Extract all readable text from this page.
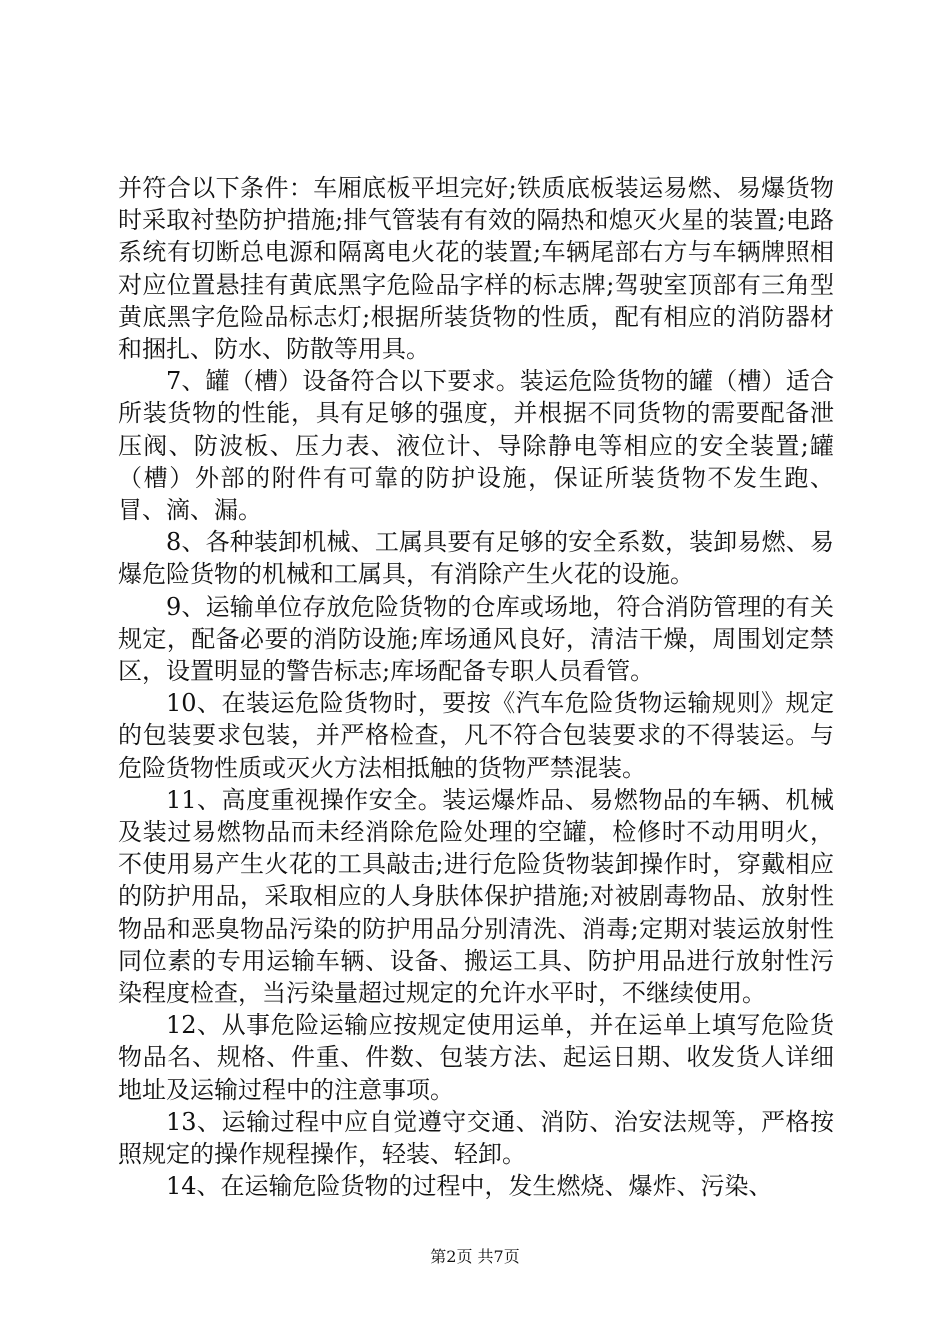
并符合以下条件：车厢底板平坦完好;铁质底板装运易燃、易爆货物时采取衬垫防护措施;排气管装有有效的隔热和熄灭火星的装置;电路系统有切断总电源和隔离电火花的装置;车辆尾部右方与车辆牌照相对应位置悬挂有黄底黑字危险品字样的标志牌;驾驶室顶部有三角型黄底黑字危险品标志灯;根据所装货物的性质，配有相应的消防器材和捆扎、防水、防散等用具。

7、罐（槽）设备符合以下要求。装运危险货物的罐（槽）适合所装货物的性能，具有足够的强度，并根据不同货物的需要配备泄压阀、防波板、压力表、液位计、导除静电等相应的安全装置;罐（槽）外部的附件有可靠的防护设施，保证所装货物不发生跑、冒、滴、漏。

8、各种装卸机械、工属具要有足够的安全系数，装卸易燃、易爆危险货物的机械和工属具，有消除产生火花的设施。

9、运输单位存放危险货物的仓库或场地，符合消防管理的有关规定，配备必要的消防设施;库场通风良好，清洁干燥，周围划定禁区，设置明显的警告标志;库场配备专职人员看管。

10、在装运危险货物时，要按《汽车危险货物运输规则》规定的包装要求包装，并严格检查，凡不符合包装要求的不得装运。与危险货物性质或灭火方法相抵触的货物严禁混装。

11、高度重视操作安全。装运爆炸品、易燃物品的车辆、机械及装过易燃物品而未经消除危险处理的空罐，检修时不动用明火，不使用易产生火花的工具敲击;进行危险货物装卸操作时，穿戴相应的防护用品，采取相应的人身肤体保护措施;对被剧毒物品、放射性物品和恶臭物品污染的防护用品分别清洗、消毒;定期对装运放射性同位素的专用运输车辆、设备、搬运工具、防护用品进行放射性污染程度检查，当污染量超过规定的允许水平时，不继续使用。

12、从事危险运输应按规定使用运单，并在运单上填写危险货物品名、规格、件重、件数、包装方法、起运日期、收发货人详细地址及运输过程中的注意事项。

13、运输过程中应自觉遵守交通、消防、治安法规等，严格按照规定的操作规程操作，轻装、轻卸。

14、在运输危险货物的过程中，发生燃烧、爆炸、污染、

第2页 共7页
